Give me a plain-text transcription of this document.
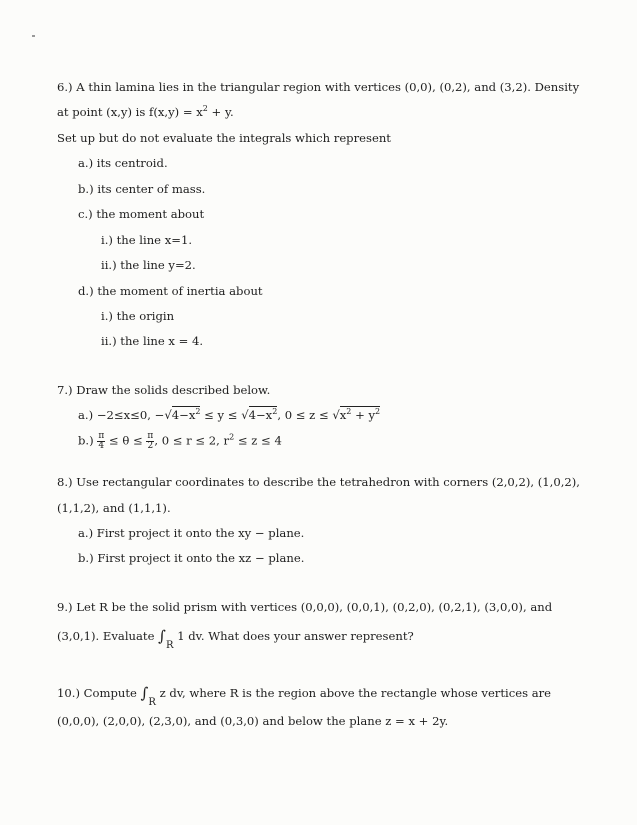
6.) A thin lamina lies in the triangular region with vertices (0,0), (0,2), and (3,2). Density
at point (x,y) is $f(x,y) = x^2 + y$.
Set up but do not evaluate the integrals which represent
a.) its centroid.
b.) its center of mass.
c.) the moment about
i.) the line x=1.
ii.) the line y=2.
d.) the moment of inertia about
i.) the origin
ii.) the line x = 4.
7.) Draw the solids described below.
a.) −2≤x≤0, $-√4-x^2 \le y \le √4-x^2$, $0 \le z \le √x^2 + y^2$
$b.) \frac{\pi}{4} \le \theta \le \frac{\pi}{2}$ , 0 ≤ r ≤ 2, $r^2 \le z \le 4$
8.) Use rectangular coordinates to describe the tetrahedron with corners (2,0,2), (1,0,2),
(1,1,2), and (1,1,1).
a.) First project it onto the xy − plane.
b.) First project it onto the xz − plane.
9.) Let R be the solid prism with vertices (0,0,0), (0,0,1), (0,2,0), (0,2,1), (3,0,0), and
(3,0,1). Evaluate ∫R 1 dv. What does your answer represent?
10.) Compute ∫R z dv, where R is the region above the rectangle whose vertices are
(0,0,0), (2,0,0), (2,3,0), and (0,3,0) and below the plane z = x + 2y.
